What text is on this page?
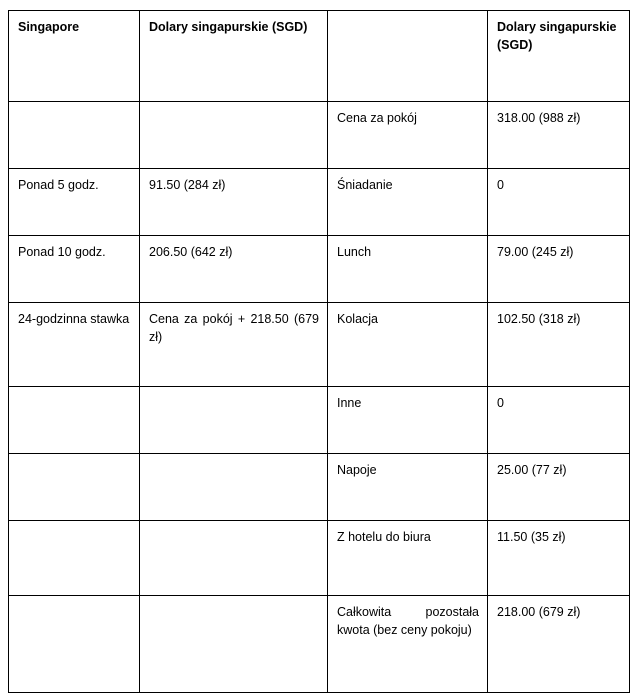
Singapore	Dolary singapurskie (SGD)		Dolary singapurskie (SGD)
		Cena za pokój	318.00 (988 zł)
Ponad 5 godz.	91.50 (284 zł)	Śniadanie	0
Ponad 10 godz.	206.50 (642 zł)	Lunch	79.00 (245 zł)
24-godzinna stawka	Cena za pokój + 218.50 (679 zł)	Kolacja	102.50 (318 zł)
		Inne	0
		Napoje	25.00 (77 zł)
		Z hotelu do biura	11.50 (35 zł)
		Całkowita pozostała kwota (bez ceny pokoju)	218.00 (679 zł)
